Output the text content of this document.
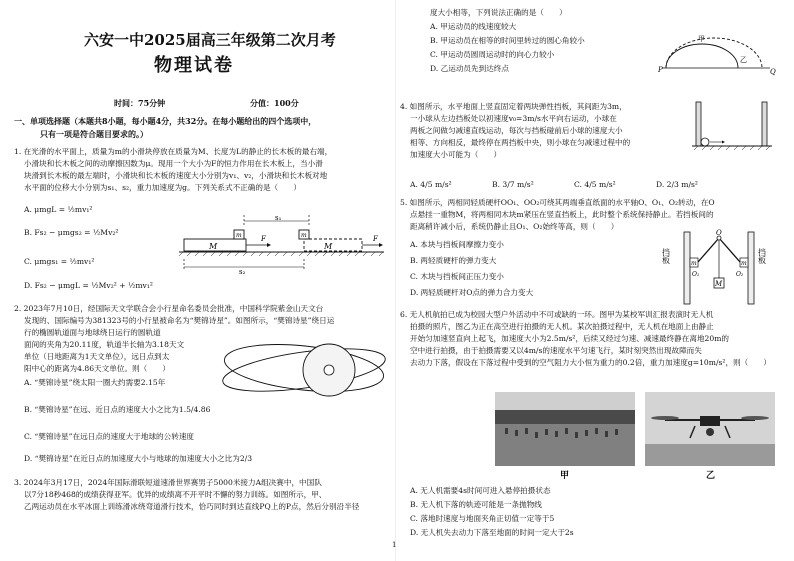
六安一中2025届高三年级第二次月考
物理试卷
时间：75分钟	分值：100分
一、单项选择题（本题共8小题，每小题4分，共32分。在每小题给出的四个选项中，
只有一项是符合题目要求的。）
1. 在光滑的水平面上，质量为m的小滑块停放在质量为M、长度为L的静止的长木板的最右端，
小滑块和长木板之间的动摩擦因数为μ。现用一个大小为F的恒力作用在长木板上，当小滑
块滑到长木板的最左端时，小滑块和长木板的速度大小分别为v₁、v₂，小滑块和长木板对地
水平面的位移大小分别为s₁、s₂，重力加速度为g。下列关系式不正确的是（　　）
A. μmgL = ½mv₁²
B. Fs₂ − μmgs₂ = ½Mv₂²
C. μmgs₁ = ½mv₁²
D. Fs₂ − μmgL = ½Mv₂² + ½mv₁²
s₁
M
m	F
M
m	F
s₂
2. 2023年7月10日，经国际天文学联合会小行星命名委员会批准，中国科学院紫金山天文台
发现的、国际编号为381323号的小行星被命名为“樊锦诗星”。如图所示，“樊锦诗星”绕日运
行的椭圆轨道面与地球绕日运行的圆轨道
面间的夹角为20.11度，轨道半长轴为3.18天文
单位（日地距离为1天文单位），远日点到太
阳中心的距离为4.86天文单位。则（　　）
A. “樊锦诗星”绕太阳一圈大约需要2.15年
B. “樊锦诗星”在远、近日点的速度大小之比为1.5/4.86
C. “樊锦诗星”在远日点的速度大于地球的公转速度
D. “樊锦诗星”在近日点的加速度大小与地球的加速度大小之比为2/3
3. 2024年3月17日，2024年国际滑联短道速滑世界赛男子5000米接力A组决赛中，中国队
以7分18秒468的成绩获得亚军。优异的成绩离不开平时不懈的努力训练。如图所示，甲、
乙两运动员在水平冰面上训练滑冰绕弯道滑行技术，恰巧同时到达直线PQ上的P点，然后分别沿半径
度大小相等，下列说法正确的是（　　）
A. 甲运动员的线速度较大
B. 甲运动员在相等的时间里转过的圆心角较小
C. 甲运动员圆周运动时的向心力较小
D. 乙运动员先到达终点	P	Q
甲
乙
4. 如图所示，水平地面上竖直固定着两块弹性挡板，其间距为3m，
一小球从左边挡板处以初速度v₀=3m/s水平向右运动，小球在
两板之间做匀减速直线运动，每次与挡板碰前后小球的速度大小
相等、方向相反，最终停在两挡板中央，则小球在匀减速过程中的
加速度大小可能为（　　）
A. 4/5 m/s²	B. 3/7 m/s²	C. 4/5 m/s²	D. 2/3 m/s²
5. 如图所示，两相同轻质硬杆OO₁、OO₂可绕其两端垂直纸面的水平轴O、O₁、O₂转动，在O
点悬挂一重物M，将两相同木块m紧压在竖直挡板上，此时整个系统保持静止。若挡板间的
距离稍许减小后，系统仍静止且O₁、O₂始终等高，则（　　）
A. 本块与挡板间摩擦力变小
B. 两轻质硬杆的弹力变大
C. 木块与挡板间正压力变小
D. 两轻质硬杆对O点的弹力合力变大
挡板	挡板
m	m
O
O₁	O₂
M
6. 无人机航拍已成为校园大型户外活动中不可或缺的一环。图甲为某校军训汇报表演时无人机
拍摄的照片，图乙为正在高空进行拍摄的无人机。某次拍摄过程中，无人机在地面上由静止
开始匀加速竖直向上起飞，加速度大小为2.5m/s²，后续又经过匀速、减速最终静在离地20m的
空中进行拍摄，由于拍摄需要又以4m/s的速度水平匀速飞行，某时刻突然出现故障而失
去动力下落，假设在下落过程中受到的空气阻力大小恒为重力的0.2倍，重力加速度g=10m/s²，则（　　）
甲	乙
A. 无人机需要4s时间可进入悬停拍摄状态
B. 无人机下落的轨迹可能是一条抛物线
C. 落地时速度与地面夹角正切值一定等于5
D. 无人机失去动力下落至地面的时间一定大于2s
1
